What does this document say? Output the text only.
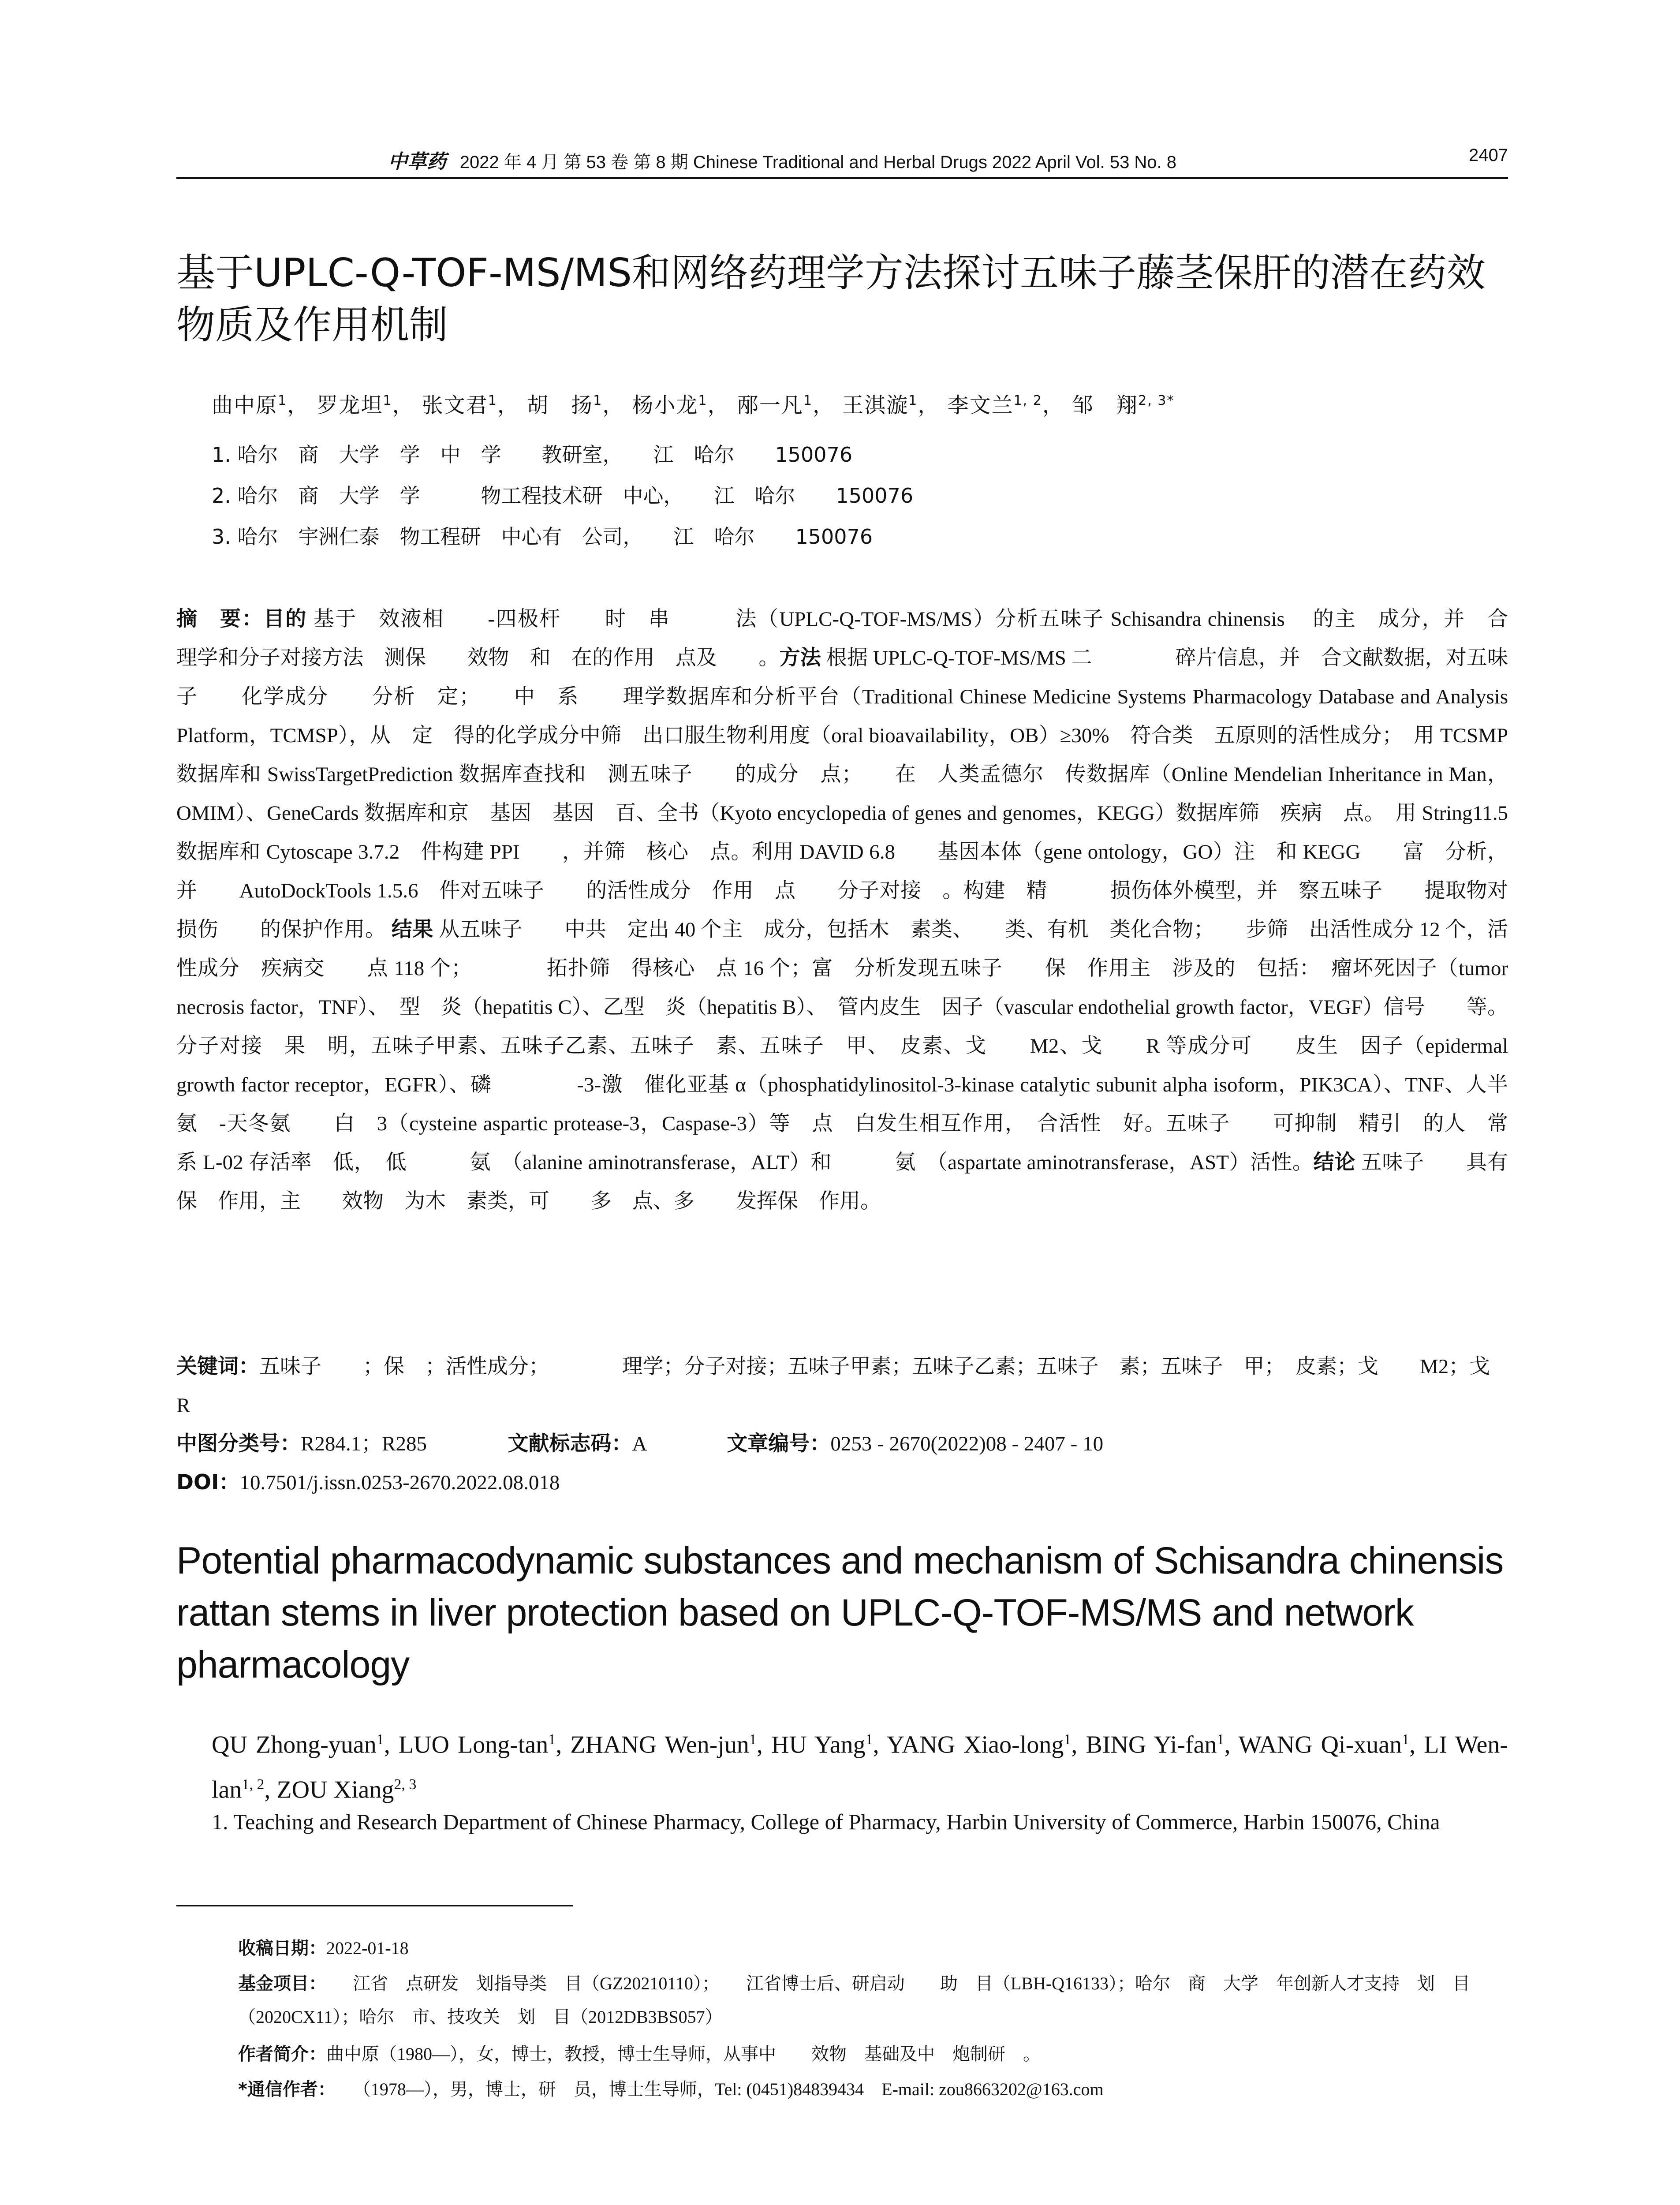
中草药 2022 年 4 月 第 53 卷 第 8 期 Chinese Traditional and Herbal Drugs 2022 April Vol. 53 No. 8	2407
基于UPLC-Q-TOF-MS/MS和网络药理学方法探讨五味子藤茎保肝的潜在药效物质及作用机制
曲中原$^1$， 罗龙坦$^1$， 张文君$^1$， 胡　扬$^1$， 杨小龙$^1$， 邴一凡$^1$， 王淇漩$^1$， 李文兰$^{1, 2}$， 邹　翔$^{2, 3*}$
1. 哈尔　商　大学　学　中　学　　教研室，　　江　哈尔　　150076
2. 哈尔　商　大学　学　　　物工程技术研　中心，　　江　哈尔　　150076
3. 哈尔　宇洲仁泰　物工程研　中心有　公司，　　江　哈尔　　150076
摘　要：目的 基于　效液相　　-四极杆　　时　串　　　法（UPLC-Q-TOF-MS/MS）分析五味子 Schisandra chinensis 　的主　成分，并　合　　　理学和分子对接方法　测保　　效物　和　在的作用　点及　　。方法 根据 UPLC-Q-TOF-MS/MS 二　　　　碎片信息，并　合文献数据，对五味子　　化学成分　　分析　定；　　中　系　　理学数据库和分析平台（Traditional Chinese Medicine Systems Pharmacology Database and Analysis Platform，TCMSP），从　定　得的化学成分中筛　出口服生物利用度（oral bioavailability，OB）≥30%　符合类　五原则的活性成分；　用 TCSMP 数据库和 SwissTargetPrediction 数据库查找和　测五味子　　的成分　点；　　在　人类孟德尔　传数据库（Online Mendelian Inheritance in Man，OMIM）、GeneCards 数据库和京　基因　基因　百、全书（Kyoto encyclopedia of genes and genomes，KEGG）数据库筛　疾病　点。　用 String11.5 数据库和 Cytoscape 3.7.2　件构建 PPI　　，并筛　核心　点。利用 DAVID 6.8　　基因本体（gene ontology，GO）注　和 KEGG　　富　分析，并　　AutoDockTools 1.5.6　件对五味子　　的活性成分　作用　点　　分子对接　。构建　精　　　损伤体外模型，并　察五味子　　提取物对　损伤　　的保护作用。 结果 从五味子　　中共　定出 40 个主　成分，包括木　素类、　　类、有机　类化合物；　　步筛　出活性成分 12 个，活性成分　疾病交　　点 118 个；　　　　拓扑筛　得核心　点 16 个；富　分析发现五味子　　保　作用主　涉及的　包括：　瘤坏死因子（tumor necrosis factor，TNF）、　型　炎（hepatitis C）、乙型　炎（hepatitis B）、　管内皮生　因子（vascular endothelial growth factor，VEGF）信号　　等。分子对接　果　明，五味子甲素、五味子乙素、五味子　素、五味子　甲、　皮素、戈　　M2、戈　　R 等成分可　　皮生　因子（epidermal growth factor receptor，EGFR）、磷　　　　-3-激　催化亚基 α（phosphatidylinositol-3-kinase catalytic subunit alpha isoform，PIK3CA）、TNF、人半　氨　-天冬氨　　白　3（cysteine aspartic protease-3，Caspase-3）等　点　白发生相互作用，　合活性　好。五味子　　可抑制　精引　的人　常　系 L-02 存活率　低，　低　　　氨　（alanine aminotransferase，ALT）和　　　氨　（aspartate aminotransferase，AST）活性。结论 五味子　　具有保　作用，主　　效物　为木　素类，可　　多　点、多　　发挥保　作用。
关键词：五味子　　；保　；活性成分；　　　　理学；分子对接；五味子甲素；五味子乙素；五味子　素；五味子　甲；　皮素；戈　　M2；戈　　R
中图分类号：R284.1；R285	文献标志码：A	文章编号：0253 - 2670(2022)08 - 2407 - 10
DOI：10.7501/j.issn.0253-2670.2022.08.018
Potential pharmacodynamic substances and mechanism of Schisandra chinensis rattan stems in liver protection based on UPLC-Q-TOF-MS/MS and network pharmacology
QU Zhong-yuan$^1$, LUO Long-$\tan^1$, ZHANG Wen-jun$^1$, HU Yang$^1$, YANG Xiao-long$^1$, BING Yi-fan$^1$, WANG Qi-xuan$^1$, LI Wen-lan$^{1, 2}$, ZOU Xiang$^{2, 3}$
1. Teaching and Research Department of Chinese Pharmacy, College of Pharmacy, Harbin University of Commerce, Harbin 150076, China
收稿日期：2022-01-18
基金项目：　　江省　点研发　划指导类　目（GZ20210110）；　　江省博士后、研启动　　助　目（LBH-Q16133）；哈尔　商　大学　年创新人才支持　划　目（2020CX11）；哈尔　市、技攻关　划　目（2012DB3BS057）
作者简介：曲中原（1980—），女，博士，教授，博士生导师，从事中　　效物　基础及中　炮制研　。
*通信作者：　　（1978—），男，博士，研　员，博士生导师，Tel: (0451)84839434　E-mail: zou8663202@163.com
